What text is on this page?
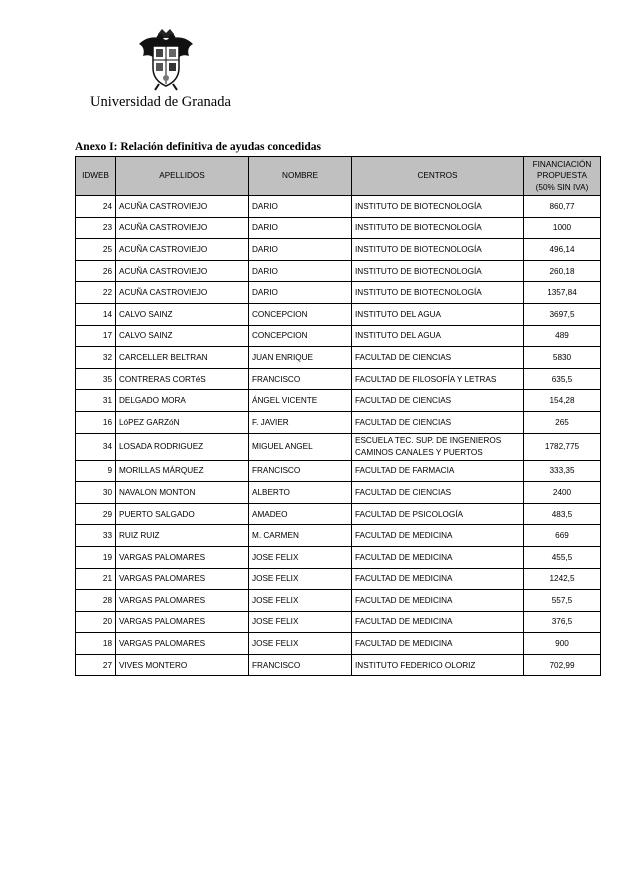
Universidad de Granada
Anexo I: Relación definitiva de ayudas concedidas
IDWEB	APELLIDOS	NOMBRE	CENTROS	FINANCIACIÓN PROPUESTA (50% SIN IVA)
24	ACUÑA CASTROVIEJO	DARIO	INSTITUTO DE BIOTECNOLOGÍA	860,77
23	ACUÑA CASTROVIEJO	DARIO	INSTITUTO DE BIOTECNOLOGÍA	1000
25	ACUÑA CASTROVIEJO	DARIO	INSTITUTO DE BIOTECNOLOGÍA	496,14
26	ACUÑA CASTROVIEJO	DARIO	INSTITUTO DE BIOTECNOLOGÍA	260,18
22	ACUÑA CASTROVIEJO	DARIO	INSTITUTO DE BIOTECNOLOGÍA	1357,84
14	CALVO SAINZ	CONCEPCION	INSTITUTO DEL AGUA	3697,5
17	CALVO SAINZ	CONCEPCION	INSTITUTO DEL AGUA	489
32	CARCELLER BELTRAN	JUAN ENRIQUE	FACULTAD DE CIENCIAS	5830
35	CONTRERAS CORTéS	FRANCISCO	FACULTAD DE FILOSOFÍA Y LETRAS	635,5
31	DELGADO MORA	ÁNGEL VICENTE	FACULTAD DE CIENCIAS	154,28
16	LóPEZ GARZóN	F. JAVIER	FACULTAD DE CIENCIAS	265
34	LOSADA RODRIGUEZ	MIGUEL ANGEL	ESCUELA TEC. SUP. DE INGENIEROS CAMINOS CANALES Y PUERTOS	1782,775
9	MORILLAS MÁRQUEZ	FRANCISCO	FACULTAD DE FARMACIA	333,35
30	NAVALON MONTON	ALBERTO	FACULTAD DE CIENCIAS	2400
29	PUERTO SALGADO	AMADEO	FACULTAD DE PSICOLOGÍA	483,5
33	RUIZ RUIZ	M. CARMEN	FACULTAD DE MEDICINA	669
19	VARGAS PALOMARES	JOSE FELIX	FACULTAD DE MEDICINA	455,5
21	VARGAS PALOMARES	JOSE FELIX	FACULTAD DE MEDICINA	1242,5
28	VARGAS PALOMARES	JOSE FELIX	FACULTAD DE MEDICINA	557,5
20	VARGAS PALOMARES	JOSE FELIX	FACULTAD DE MEDICINA	376,5
18	VARGAS PALOMARES	JOSE FELIX	FACULTAD DE MEDICINA	900
27	VIVES MONTERO	FRANCISCO	INSTITUTO FEDERICO OLORIZ	702,99
